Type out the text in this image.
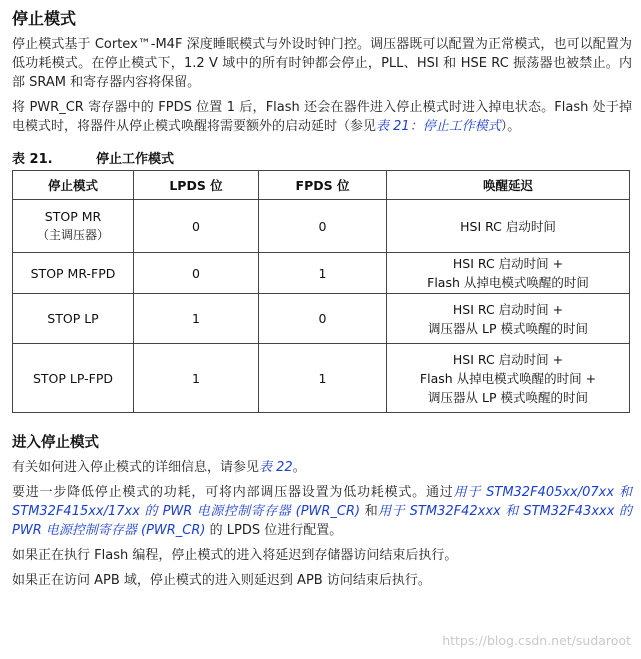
停止模式

停止模式基于 Cortex™-M4F 深度睡眠模式与外设时钟门控。调压器既可以配置为正常模式，也可以配置为低功耗模式。在停止模式下，1.2 V 域中的所有时钟都会停止，PLL、HSI 和 HSE RC 振荡器也被禁止。内部 SRAM 和寄存器内容将保留。

将 PWR_CR 寄存器中的 FPDS 位置 1 后，Flash 还会在器件进入停止模式时进入掉电状态。Flash 处于掉电模式时，将器件从停止模式唤醒将需要额外的启动延时（参见表 21：停止工作模式）。

表 21.	停止工作模式
停止模式	LPDS 位	FPDS 位	唤醒延迟

STOP MR
（主调压器）	0	0	HSI RC 启动时间

STOP MR-FPD	0	1	HSI RC 启动时间 +
Flash 从掉电模式唤醒的时间

STOP LP	1	0	HSI RC 启动时间 +
调压器从 LP 模式唤醒的时间

STOP LP-FPD	1	1	HSI RC 启动时间 +
Flash 从掉电模式唤醒的时间 +
调压器从 LP 模式唤醒的时间
进入停止模式

有关如何进入停止模式的详细信息，请参见表 22。

要进一步降低停止模式的功耗，可将内部调压器设置为低功耗模式。通过用于 STM32F405xx/07xx 和 STM32F415xx/17xx 的 PWR 电源控制寄存器 (PWR_CR) 和用于 STM32F42xxx 和 STM32F43xxx 的 PWR 电源控制寄存器 (PWR_CR) 的 LPDS 位进行配置。

如果正在执行 Flash 编程，停止模式的进入将延迟到存储器访问结束后执行。

如果正在访问 APB 域，停止模式的进入则延迟到 APB 访问结束后执行。

https://blog.csdn.net/sudaroot
